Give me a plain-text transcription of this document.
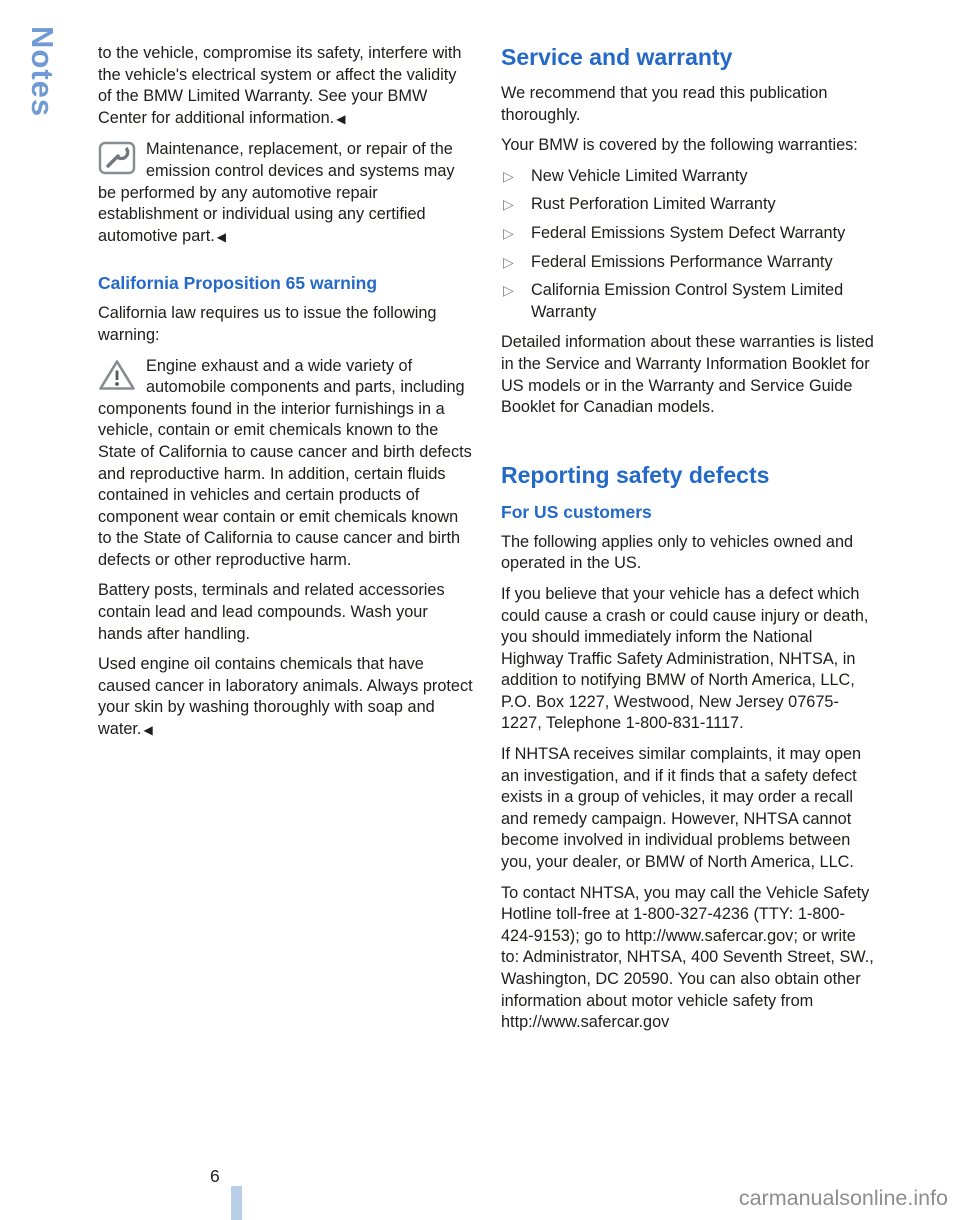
Notes to the vehicle, compromise its safety, interfere with the vehicle's electrical system or affect the validity of the BMW Limited Warranty. See your BMW Center for additional information. ◀

Maintenance, replacement, or repair of the emission control devices and systems may be performed by any automotive repair establishment or individual using any certified automotive part. ◀

California Proposition 65 warning

California law requires us to issue the following warning:

Engine exhaust and a wide variety of automobile components and parts, including components found in the interior furnishings in a vehicle, contain or emit chemicals known to the State of California to cause cancer and birth defects and reproductive harm. In addition, certain fluids contained in vehicles and certain products of component wear contain or emit chemicals known to the State of California to cause cancer and birth defects or other reproductive harm.

Battery posts, terminals and related accessories contain lead and lead compounds. Wash your hands after handling.

Used engine oil contains chemicals that have caused cancer in laboratory animals. Always protect your skin by washing thoroughly with soap and water. ◀

Service and warranty

We recommend that you read this publication thoroughly.

Your BMW is covered by the following warranties:

▷	New Vehicle Limited Warranty
▷	Rust Perforation Limited Warranty
▷	Federal Emissions System Defect Warranty
▷	Federal Emissions Performance Warranty
▷	California Emission Control System Limited Warranty

Detailed information about these warranties is listed in the Service and Warranty Information Booklet for US models or in the Warranty and Service Guide Booklet for Canadian models.

Reporting safety defects
For US customers

The following applies only to vehicles owned and operated in the US.

If you believe that your vehicle has a defect which could cause a crash or could cause injury or death, you should immediately inform the National Highway Traffic Safety Administration, NHTSA, in addition to notifying BMW of North America, LLC, P.O. Box 1227, Westwood, New Jersey 07675-1227, Telephone 1-800-831-1117.

If NHTSA receives similar complaints, it may open an investigation, and if it finds that a safety defect exists in a group of vehicles, it may order a recall and remedy campaign. However, NHTSA cannot become involved in individual problems between you, your dealer, or BMW of North America, LLC.

To contact NHTSA, you may call the Vehicle Safety Hotline toll-free at 1-800-327-4236 (TTY: 1-800-424-9153); go to http://www.safercar.gov; or write to: Administrator, NHTSA, 400 Seventh Street, SW., Washington, DC 20590. You can also obtain other information about motor vehicle safety from http://www.safercar.gov

6
carmanualsonline.info
